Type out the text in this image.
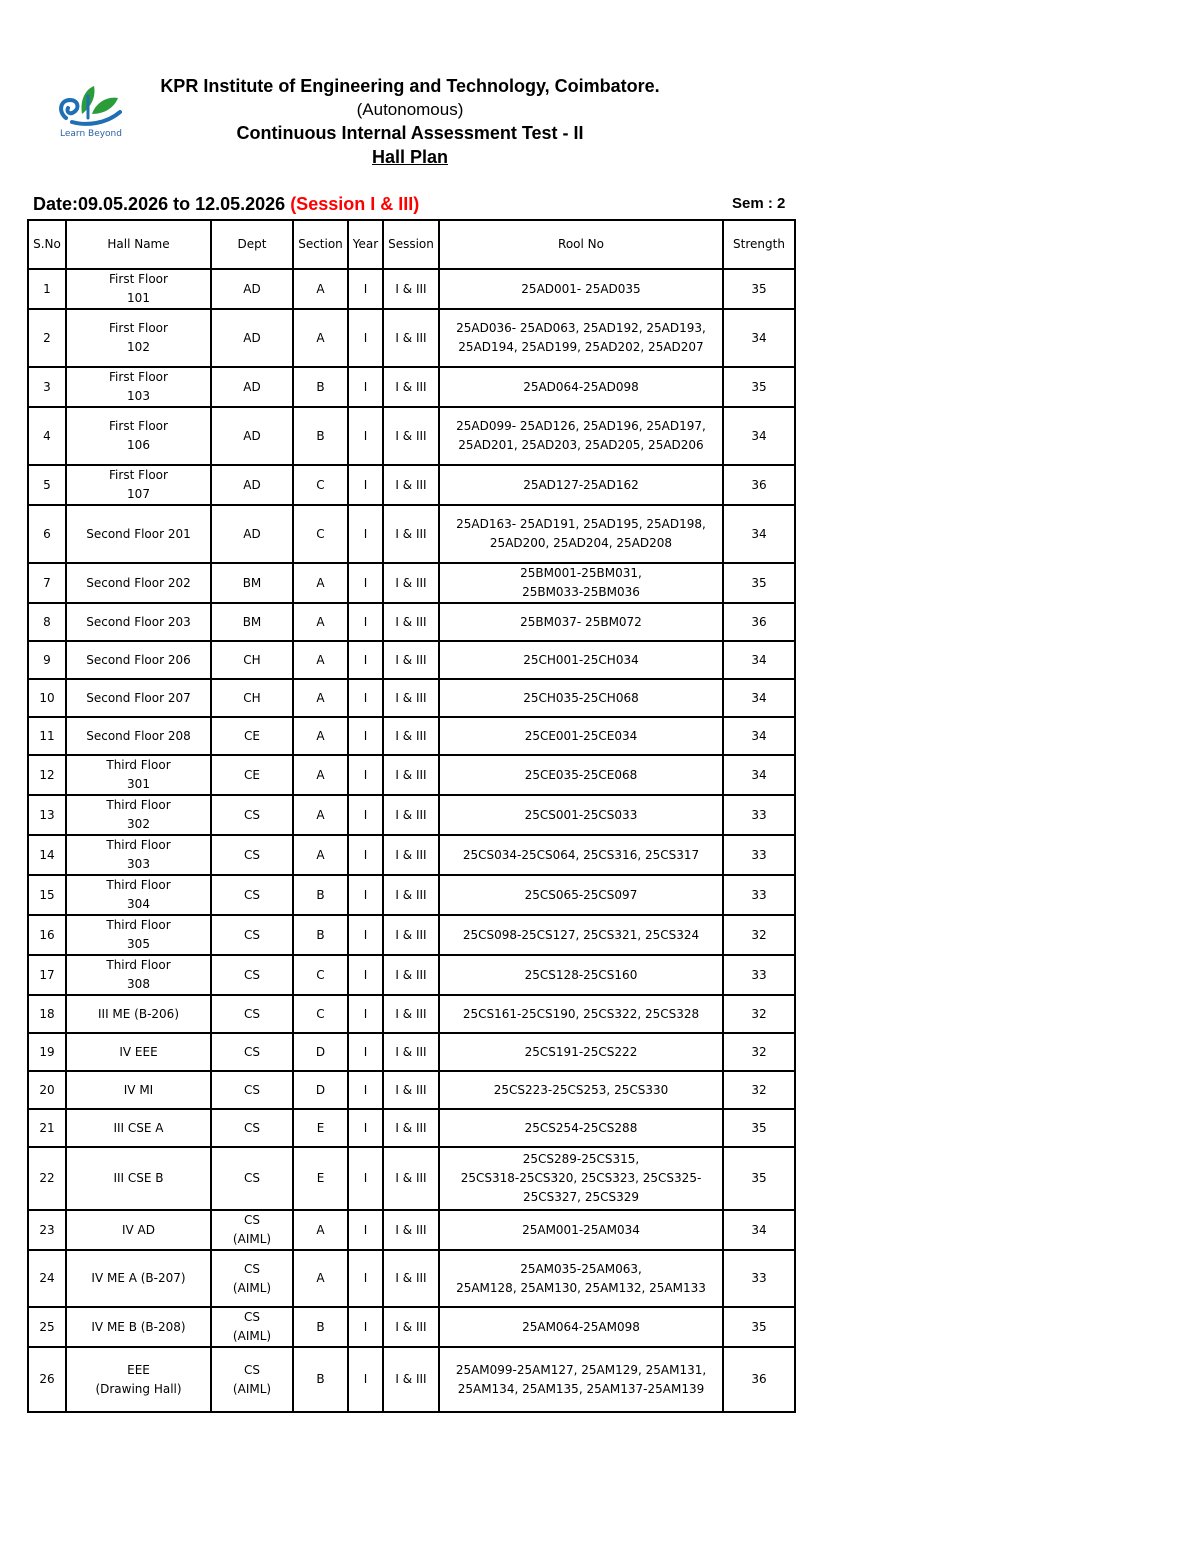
Learn Beyond
KPR Institute of Engineering and Technology, Coimbatore.
(Autonomous)
Continuous Internal Assessment Test - II
Hall Plan
Date:09.05.2026 to 12.05.2026 (Session I & III)	Sem : 2
S.No	Hall Name	Dept	Section	Year	Session	Rool No	Strength
1	First Floor
101	AD	A	I	I & III	25AD001- 25AD035	35
2	First Floor
102	AD	A	I	I & III	25AD036- 25AD063, 25AD192, 25AD193,
25AD194, 25AD199, 25AD202, 25AD207	34
3	First Floor
103	AD	B	I	I & III	25AD064-25AD098	35
4	First Floor
106	AD	B	I	I & III	25AD099- 25AD126, 25AD196, 25AD197,
25AD201, 25AD203, 25AD205, 25AD206	34
5	First Floor
107	AD	C	I	I & III	25AD127-25AD162	36
6	Second Floor 201	AD	C	I	I & III	25AD163- 25AD191, 25AD195, 25AD198,
25AD200, 25AD204, 25AD208	34
7	Second Floor 202	BM	A	I	I & III	25BM001-25BM031,
25BM033-25BM036	35
8	Second Floor 203	BM	A	I	I & III	25BM037- 25BM072	36
9	Second Floor 206	CH	A	I	I & III	25CH001-25CH034	34
10	Second Floor 207	CH	A	I	I & III	25CH035-25CH068	34
11	Second Floor 208	CE	A	I	I & III	25CE001-25CE034	34
12	Third Floor
301	CE	A	I	I & III	25CE035-25CE068	34
13	Third Floor
302	CS	A	I	I & III	25CS001-25CS033	33
14	Third Floor
303	CS	A	I	I & III	25CS034-25CS064, 25CS316, 25CS317	33
15	Third Floor
304	CS	B	I	I & III	25CS065-25CS097	33
16	Third Floor
305	CS	B	I	I & III	25CS098-25CS127, 25CS321, 25CS324	32
17	Third Floor
308	CS	C	I	I & III	25CS128-25CS160	33
18	III ME (B-206)	CS	C	I	I & III	25CS161-25CS190, 25CS322, 25CS328	32
19	IV EEE	CS	D	I	I & III	25CS191-25CS222	32
20	IV MI	CS	D	I	I & III	25CS223-25CS253, 25CS330	32
21	III CSE A	CS	E	I	I & III	25CS254-25CS288	35
22	III CSE B	CS	E	I	I & III	25CS289-25CS315,
25CS318-25CS320, 25CS323, 25CS325-
25CS327, 25CS329	35
23	IV AD	CS
(AIML)	A	I	I & III	25AM001-25AM034	34
24	IV ME A (B-207)	CS
(AIML)	A	I	I & III	25AM035-25AM063,
25AM128, 25AM130, 25AM132, 25AM133	33
25	IV ME B (B-208)	CS
(AIML)	B	I	I & III	25AM064-25AM098	35
26	EEE
(Drawing Hall)	CS
(AIML)	B	I	I & III	25AM099-25AM127, 25AM129, 25AM131,
25AM134, 25AM135, 25AM137-25AM139	36
